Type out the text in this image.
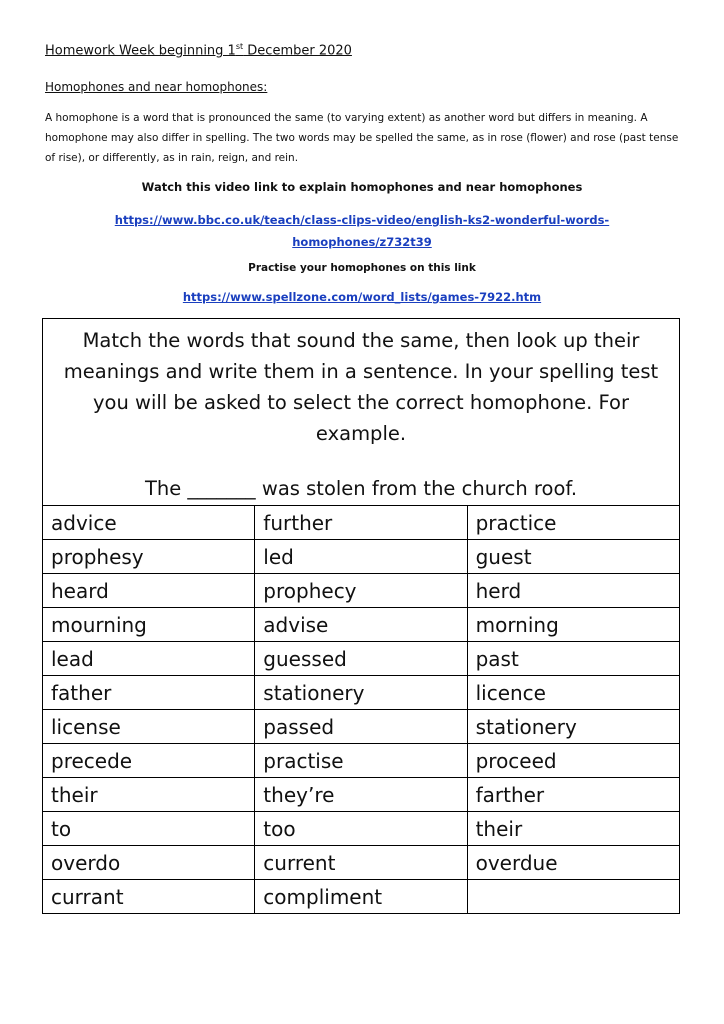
Homework Week beginning 1st December 2020
Homophones and near homophones:
A homophone is a word that is pronounced the same (to varying extent) as another word but differs in meaning. A homophone may also differ in spelling. The two words may be spelled the same, as in rose (flower) and rose (past tense of rise), or differently, as in rain, reign, and rein.
Watch this video link to explain homophones and near homophones
https://www.bbc.co.uk/teach/class-clips-video/english-ks2-wonderful-words-
homophones/z732t39
Practise your homophones on this link
https://www.spellzone.com/word_lists/games-7922.htm
Match the words that sound the same, then look up their meanings and write them in a sentence. In your spelling test you will be asked to select the correct homophone. For example.
The _______ was stolen from the church roof.
advice	further	practice
prophesy	led	guest
heard	prophecy	herd
mourning	advise	morning
lead	guessed	past
father	stationery	licence
license	passed	stationery
precede	practise	proceed
their	they’re	farther
to	too	their
overdo	current	overdue
currant	compliment	
